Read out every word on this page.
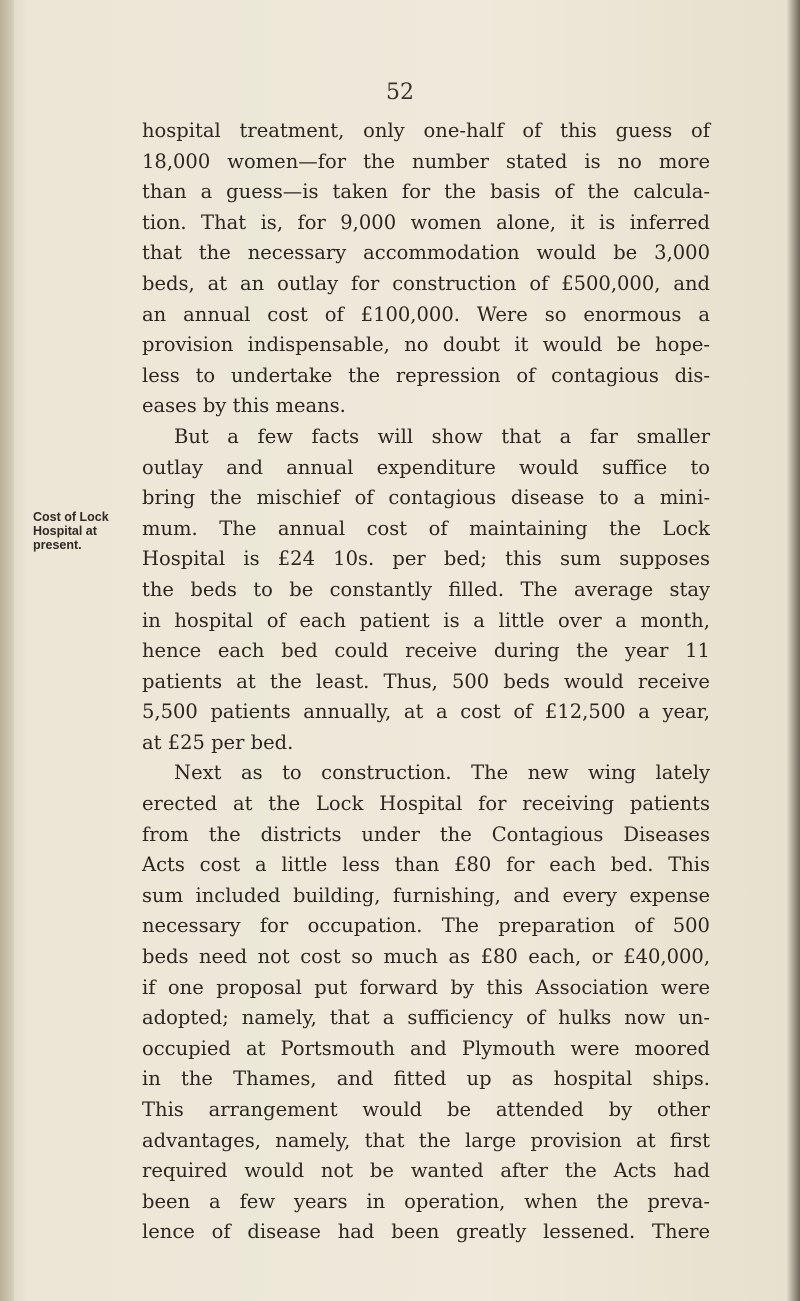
52
Cost of Lock
Hospital at
present.
hospital treatment, only one-half of this guess of
18,000 women—for the number stated is no more
than a guess—is taken for the basis of the calcula-
tion. That is, for 9,000 women alone, it is inferred
that the necessary accommodation would be 3,000
beds, at an outlay for construction of £500,000, and
an annual cost of £100,000. Were so enormous a
provision indispensable, no doubt it would be hope-
less to undertake the repression of contagious dis-
eases by this means.
But a few facts will show that a far smaller
outlay and annual expenditure would suffice to
bring the mischief of contagious disease to a mini-
mum. The annual cost of maintaining the Lock
Hospital is £24 10s. per bed; this sum supposes
the beds to be constantly filled. The average stay
in hospital of each patient is a little over a month,
hence each bed could receive during the year 11
patients at the least. Thus, 500 beds would receive
5,500 patients annually, at a cost of £12,500 a year,
at £25 per bed.
Next as to construction. The new wing lately
erected at the Lock Hospital for receiving patients
from the districts under the Contagious Diseases
Acts cost a little less than £80 for each bed. This
sum included building, furnishing, and every expense
necessary for occupation. The preparation of 500
beds need not cost so much as £80 each, or £40,000,
if one proposal put forward by this Association were
adopted; namely, that a sufficiency of hulks now un-
occupied at Portsmouth and Plymouth were moored
in the Thames, and fitted up as hospital ships.
This arrangement would be attended by other
advantages, namely, that the large provision at first
required would not be wanted after the Acts had
been a few years in operation, when the preva-
lence of disease had been greatly lessened. There
